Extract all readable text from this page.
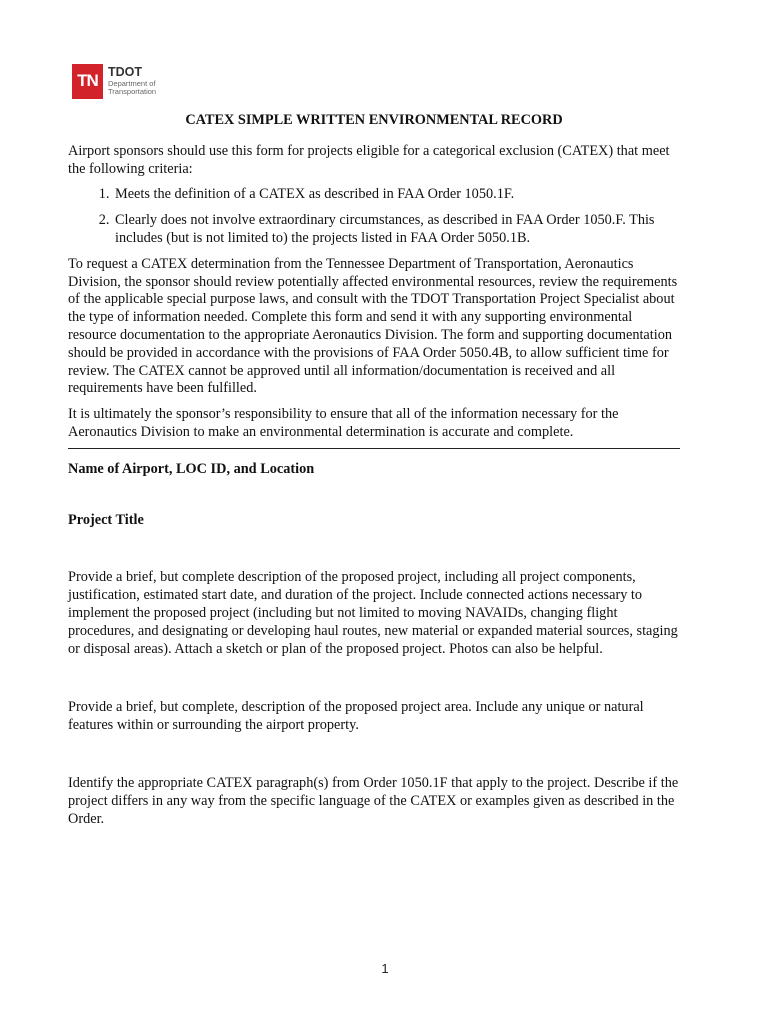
TN TDOT
Department of
Transportation

CATEX SIMPLE WRITTEN ENVIRONMENTAL RECORD

Airport sponsors should use this form for projects eligible for a categorical exclusion (CATEX) that meet the following criteria:

1. Meets the definition of a CATEX as described in FAA Order 1050.1F.
2. Clearly does not involve extraordinary circumstances, as described in FAA Order 1050.F. This includes (but is not limited to) the projects listed in FAA Order 5050.1B.

To request a CATEX determination from the Tennessee Department of Transportation, Aeronautics Division, the sponsor should review potentially affected environmental resources, review the requirements of the applicable special purpose laws, and consult with the TDOT Transportation Project Specialist about the type of information needed. Complete this form and send it with any supporting environmental resource documentation to the appropriate Aeronautics Division. The form and supporting documentation should be provided in accordance with the provisions of FAA Order 5050.4B, to allow sufficient time for review. The CATEX cannot be approved until all information/documentation is received and all requirements have been fulfilled.

It is ultimately the sponsor’s responsibility to ensure that all of the information necessary for the Aeronautics Division to make an environmental determination is accurate and complete.

Name of Airport, LOC ID, and Location

Project Title

Provide a brief, but complete description of the proposed project, including all project components, justification, estimated start date, and duration of the project. Include connected actions necessary to implement the proposed project (including but not limited to moving NAVAIDs, changing flight procedures, and designating or developing haul routes, new material or expanded material sources, staging or disposal areas). Attach a sketch or plan of the proposed project. Photos can also be helpful.

Provide a brief, but complete, description of the proposed project area. Include any unique or natural features within or surrounding the airport property.

Identify the appropriate CATEX paragraph(s) from Order 1050.1F that apply to the project. Describe if the project differs in any way from the specific language of the CATEX or examples given as described in the Order.

1
